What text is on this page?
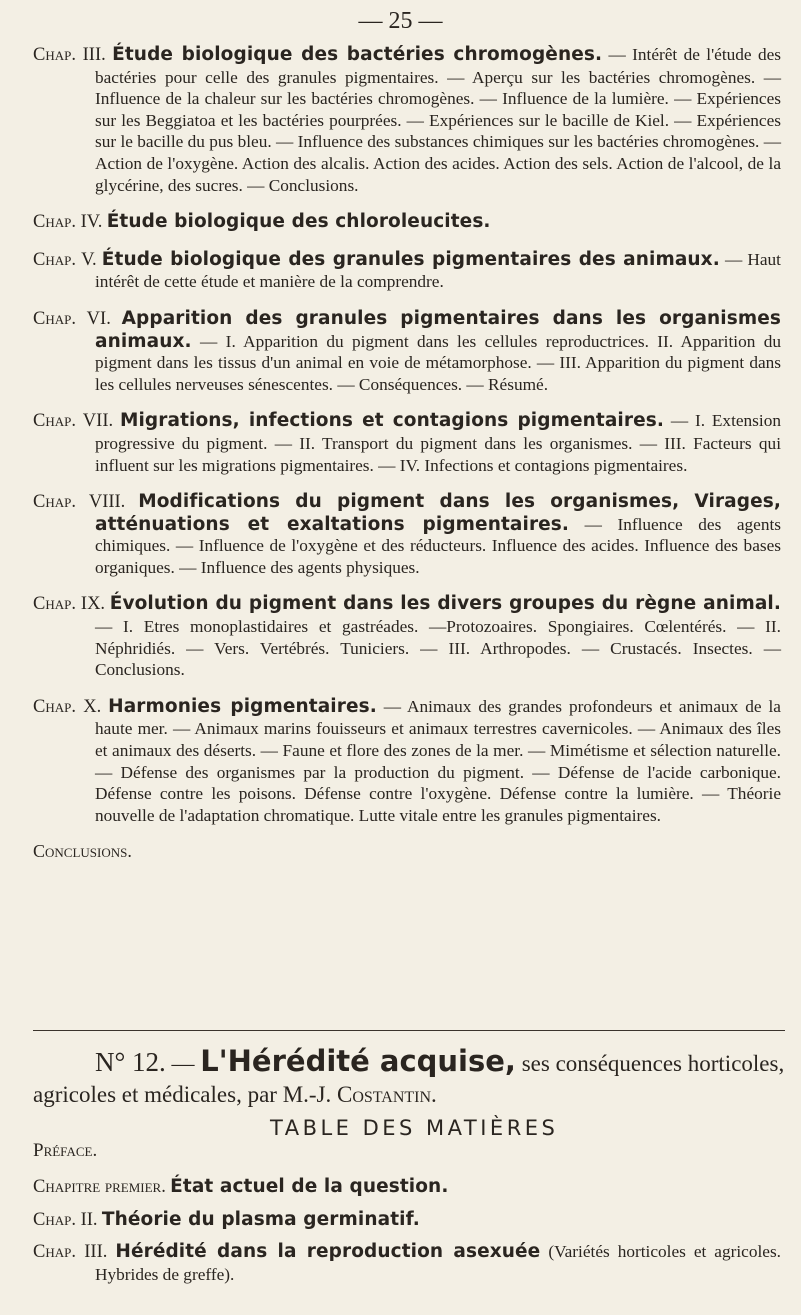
— 25 —

Chap. III. Étude biologique des bactéries chromogènes. — Intérêt de l'étude des bactéries pour celle des granules pigmentaires. — Aperçu sur les bactéries chromogènes. — Influence de la chaleur sur les bactéries chromogènes. — Influence de la lumière. — Expériences sur les Beggiatoa et les bactéries pourprées. — Expériences sur le bacille de Kiel. — Expériences sur le bacille du pus bleu. — Influence des substances chimiques sur les bactéries chromogènes. — Action de l'oxygène. Action des alcalis. Action des acides. Action des sels. Action de l'alcool, de la glycérine, des sucres. — Conclusions.

Chap. IV. Étude biologique des chloroleucites.

Chap. V. Étude biologique des granules pigmentaires des animaux. — Haut intérêt de cette étude et manière de la comprendre.

Chap. VI. Apparition des granules pigmentaires dans les organismes animaux. — I. Apparition du pigment dans les cellules reproductrices. II. Apparition du pigment dans les tissus d'un animal en voie de métamorphose. — III. Apparition du pigment dans les cellules nerveuses sénescentes. — Conséquences. — Résumé.

Chap. VII. Migrations, infections et contagions pigmentaires. — I. Extension progressive du pigment. — II. Transport du pigment dans les organismes. — III. Facteurs qui influent sur les migrations pigmentaires. — IV. Infections et contagions pigmentaires.

Chap. VIII. Modifications du pigment dans les organismes, Virages, atténuations et exaltations pigmentaires. — Influence des agents chimiques. — Influence de l'oxygène et des réducteurs. Influence des acides. Influence des bases organiques. — Influence des agents physiques.

Chap. IX. Évolution du pigment dans les divers groupes du règne animal. — I. Etres monoplastidaires et gastréades. —Protozoaires. Spongiaires. Cœlentérés. — II. Néphridiés. — Vers. Vertébrés. Tuniciers. — III. Arthropodes. — Crustacés. Insectes. — Conclusions.

Chap. X. Harmonies pigmentaires. — Animaux des grandes profondeurs et animaux de la haute mer. — Animaux marins fouisseurs et animaux terrestres cavernicoles. — Animaux des îles et animaux des déserts. — Faune et flore des zones de la mer. — Mimétisme et sélection naturelle. — Défense des organismes par la production du pigment. — Défense de l'acide carbonique. Défense contre les poisons. Défense contre l'oxygène. Défense contre la lumière. — Théorie nouvelle de l'adaptation chromatique. Lutte vitale entre les granules pigmentaires.

Conclusions.

N° 12. — L'Hérédité acquise, ses conséquences horticoles, agricoles et médicales, par M.-J. Costantin.
TABLE DES MATIÈRES

Préface.

Chapitre premier. État actuel de la question.

Chap. II. Théorie du plasma germinatif.

Chap. III. Hérédité dans la reproduction asexuée (Variétés horticoles et agricoles. Hybrides de greffe).
